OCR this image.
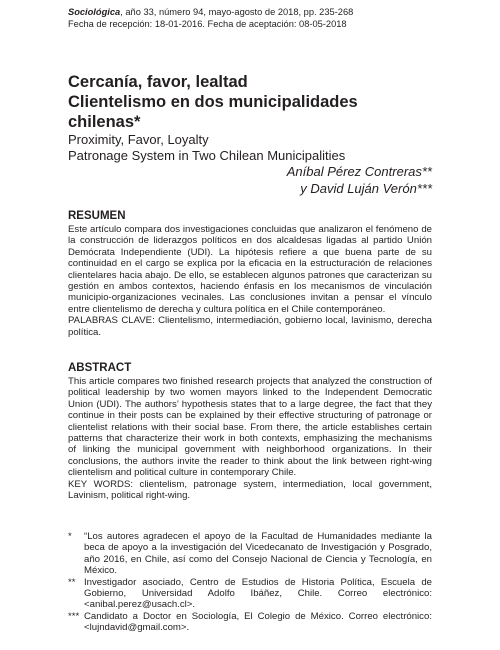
Sociológica, año 33, número 94, mayo-agosto de 2018, pp. 235-268
Fecha de recepción: 18-01-2016. Fecha de aceptación: 08-05-2018

Cercanía, favor, lealtad

Clientelismo en dos municipalidades chilenas*

Proximity, Favor, Loyalty

Patronage System in Two Chilean Municipalities

Aníbal Pérez Contreras**
y David Luján Verón***
RESUMEN

Este artículo compara dos investigaciones concluidas que analizaron el fenómeno de la construcción de liderazgos políticos en dos alcaldesas ligadas al partido Unión Demócrata Independiente (UDI). La hipótesis refiere a que buena parte de su continuidad en el cargo se explica por la eficacia en la estructuración de relaciones clientelares hacia abajo. De ello, se establecen algunos patrones que caracterizan su gestión en ambos contextos, haciendo énfasis en los mecanismos de vinculación municipio-organizaciones vecinales. Las conclusiones invitan a pensar el vínculo entre clientelismo de derecha y cultura política en el Chile contemporáneo.

PALABRAS CLAVE: Clientelismo, intermediación, gobierno local, lavinismo, derecha política.

ABSTRACT

This article compares two finished research projects that analyzed the construction of political leadership by two women mayors linked to the Independent Democratic Union (UDI). The authors’ hypothesis states that to a large degree, the fact that they continue in their posts can be explained by their effective structuring of patronage or clientelist relations with their social base. From there, the article establishes certain patterns that characterize their work in both contexts, emphasizing the mechanisms of linking the municipal government with neighborhood organizations. In their conclusions, the authors invite the reader to think about the link between right-wing clientelism and political culture in contemporary Chile.

KEY WORDS: clientelism, patronage system, intermediation, local government, Lavinism, political right-wing.

*	“Los autores agradecen el apoyo de la Facultad de Humanidades mediante la beca de apoyo a la investigación del Vicedecanato de Investigación y Posgrado, año 2016, en Chile, así como del Consejo Nacional de Ciencia y Tecnología, en México.
** Investigador asociado, Centro de Estudios de Historia Política, Escuela de Gobierno, Universidad Adolfo Ibáñez, Chile. Correo electrónico: <anibal.perez@usach.cl>.
*** Candidato a Doctor en Sociología, El Colegio de México. Correo electrónico: <lujndavid@gmail.com>.
